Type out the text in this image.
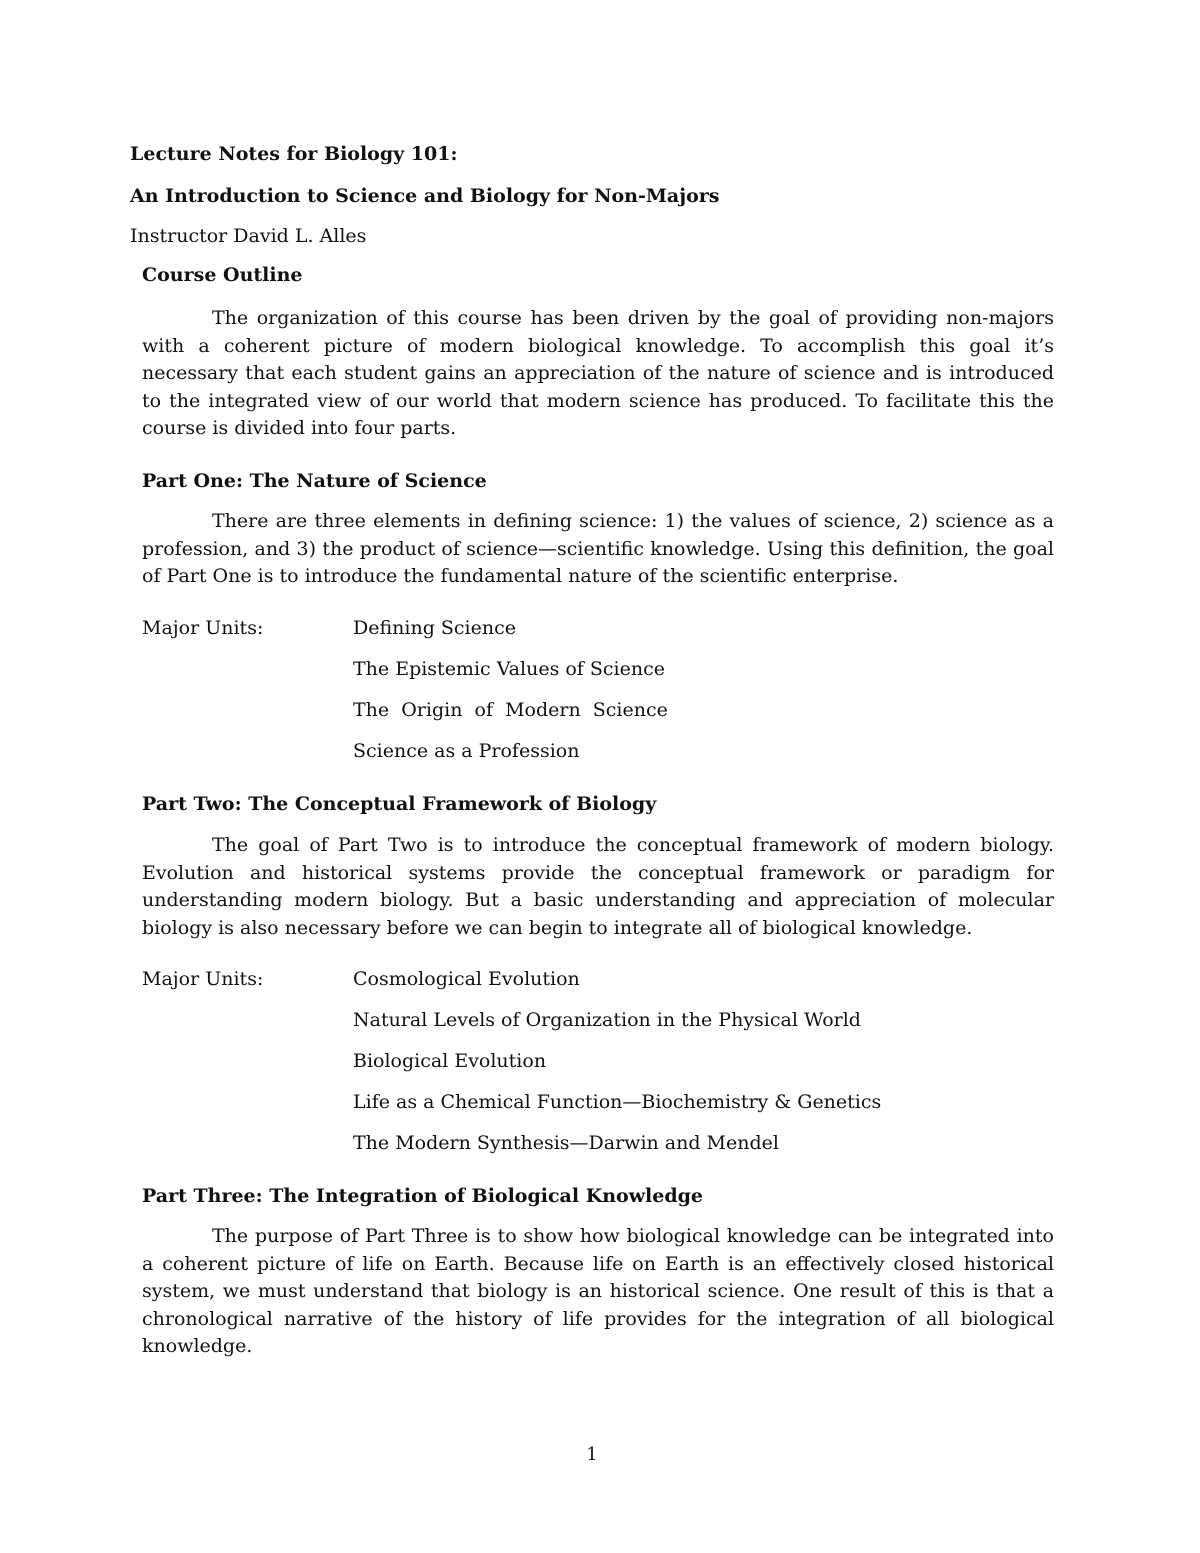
Lecture Notes for Biology 101:
An Introduction to Science and Biology for Non-Majors
Instructor David L. Alles
Course Outline

The organization of this course has been driven by the goal of providing non-majors with a coherent picture of modern biological knowledge. To accomplish this goal it’s necessary that each student gains an appreciation of the nature of science and is introduced to the integrated view of our world that modern science has produced. To facilitate this the course is divided into four parts.

Part One: The Nature of Science

There are three elements in defining science: 1) the values of science, 2) science as a profession, and 3) the product of science—scientific knowledge. Using this definition, the goal of Part One is to introduce the fundamental nature of the scientific enterprise.

Major Units:	Defining Science
The Epistemic Values of Science
The  Origin  of  Modern  Science
Science as a Profession
Part Two: The Conceptual Framework of Biology

The goal of Part Two is to introduce the conceptual framework of modern biology. Evolution and historical systems provide the conceptual framework or paradigm for understanding modern biology. But a basic understanding and appreciation of molecular biology is also necessary before we can begin to integrate all of biological knowledge.

Major Units:	Cosmological Evolution
Natural Levels of Organization in the Physical World
Biological Evolution
Life as a Chemical Function—Biochemistry & Genetics
The Modern Synthesis—Darwin and Mendel
Part Three: The Integration of Biological Knowledge

The purpose of Part Three is to show how biological knowledge can be integrated into a coherent picture of life on Earth. Because life on Earth is an effectively closed historical system, we must understand that biology is an historical science. One result of this is that a chronological narrative of the history of life provides for the integration of all biological knowledge.

1
